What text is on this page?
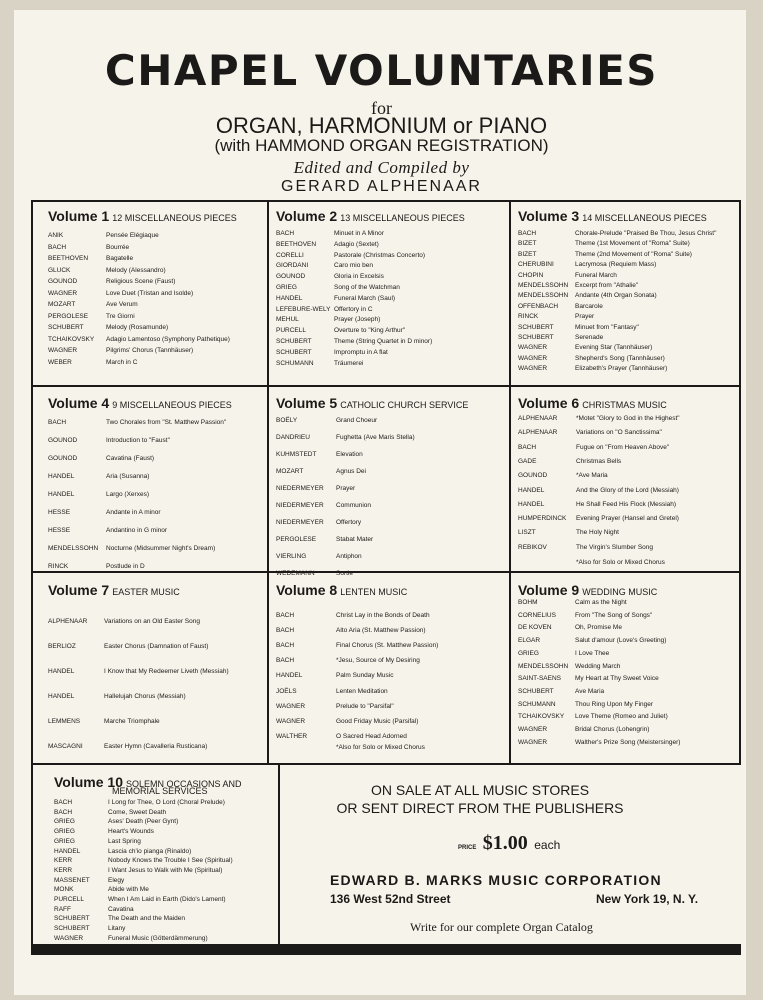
CHAPEL VOLUNTARIES
for
ORGAN, HARMONIUM or PIANO
(with HAMMOND ORGAN REGISTRATION)
Edited and Compiled by
GERARD ALPHENAAR
Volume 1 12 MISCELLANEOUS PIECES
ANIK	Pensée Elégiaque
BACH	Bourrée
BEETHOVEN	Bagatelle
GLUCK	Melody (Alessandro)
GOUNOD	Religious Scene (Faust)
WAGNER	Love Duet (Tristan and Isolde)
MOZART	Ave Verum
PERGOLESE	Tre Giorni
SCHUBERT	Melody (Rosamunde)
TCHAIKOVSKY Adagio Lamentoso (Symphony Pathetique)
WAGNER	Pilgrims' Chorus (Tannhäuser)
WEBER	March in C
Volume 2 13 MISCELLANEOUS PIECES
BACH	Minuet in A Minor
BEETHOVEN	Adagio (Sextet)
CORELLI	Pastorale (Christmas Concerto)
GIORDANI	Caro mio ben
GOUNOD	Gloria in Excelsis
GRIEG	Song of the Watchman
HANDEL	Funeral March (Saul)
LEFEBURE-WELY Offertory in C
MEHUL	Prayer (Joseph)
PURCELL	Overture to "King Arthur"
SCHUBERT	Theme (String Quartet in D minor)
SCHUBERT	Impromptu in A flat
SCHUMANN	Träumerei
Volume 3 14 MISCELLANEOUS PIECES
BACH	Chorale-Prelude "Praised Be Thou, Jesus Christ"
BIZET	Theme (1st Movement of "Roma" Suite)
BIZET	Theme (2nd Movement of "Roma" Suite)
CHERUBINI	Lacrymosa (Requiem Mass)
CHOPIN	Funeral March
MENDELSSOHN Excerpt from "Athalie"
MENDELSSOHN Andante (4th Organ Sonata)
OFFENBACH	Barcarole
RINCK	Prayer
SCHUBERT	Minuet from "Fantasy"
SCHUBERT	Serenade
WAGNER	Evening Star (Tannhäuser)
WAGNER	Shepherd's Song (Tannhäuser)
WAGNER	Elizabeth's Prayer (Tannhäuser)
Volume 4 9 MISCELLANEOUS PIECES
BACH	Two Chorales from "St. Matthew Passion"
GOUNOD	Introduction to "Faust"
GOUNOD	Cavatina (Faust)
HANDEL	Aria (Susanna)
HANDEL	Largo (Xerxes)
HESSE	Andante in A minor
HESSE	Andantino in G minor
MENDELSSOHN Nocturne (Midsummer Night's Dream)
RINCK	Postlude in D
Volume 5 CATHOLIC CHURCH SERVICE
BOËLY	Grand Choeur
DANDRIEU	Fughetta (Ave Maris Stella)
KUHMSTEDT	Elevation
MOZART	Agnus Dei
NIEDERMEYER Prayer
NIEDERMEYER Communion
NIEDERMEYER Offertory
PERGOLESE	Stabat Mater
VIERLING	Antiphon
WEDEMANN	Sortie
Volume 6 CHRISTMAS MUSIC
*Also for Solo or Mixed Chorus
ALPHENAAR	*Motet "Glory to God in the Highest"
ALPHENAAR	Variations on "O Sanctissima"
BACH	Fugue on "From Heaven Above"
GADE	Christmas Bells
GOUNOD	*Ave Maria
HANDEL	And the Glory of the Lord (Messiah)
HANDEL	He Shall Feed His Flock (Messiah)
HUMPERDINCK Evening Prayer (Hansel and Gretel)
LISZT	The Holy Night
REBIKOV	The Virgin's Slumber Song
Volume 7 EASTER MUSIC
ALPHENAAR	Variations on an Old Easter Song
BERLIOZ	Easter Chorus (Damnation of Faust)
HANDEL	I Know that My Redeemer Liveth (Messiah)
HANDEL	Hallelujah Chorus (Messiah)
LEMMENS	Marche Triomphale
MASCAGNI	Easter Hymn (Cavalleria Rusticana)
Volume 8 LENTEN MUSIC
*Also for Solo or Mixed Chorus
BACH	Christ Lay in the Bonds of Death
BACH	Alto Aria (St. Matthew Passion)
BACH	Final Chorus (St. Matthew Passion)
BACH	*Jesu, Source of My Desiring
HANDEL	Palm Sunday Music
JOËLS	Lenten Meditation
WAGNER	Prelude to "Parsifal"
WAGNER	Good Friday Music (Parsifal)
WALTHER	O Sacred Head Adorned
Volume 9 WEDDING MUSIC
BOHM	Calm as the Night
CORNELIUS	From "The Song of Songs"
DE KOVEN	Oh, Promise Me
ELGAR	Salut d'amour (Love's Greeting)
GRIEG	I Love Thee
MENDELSSOHN Wedding March
SAINT-SAENS My Heart at Thy Sweet Voice
SCHUBERT	Ave Maria
SCHUMANN	Thou Ring Upon My Finger
TCHAIKOVSKY Love Theme (Romeo and Juliet)
WAGNER	Bridal Chorus (Lohengrin)
WAGNER	Walther's Prize Song (Meistersinger)
Volume 10 SOLEMN OCCASIONS AND
MEMORIAL SERVICES
BACH	I Long for Thee, O Lord (Choral Prelude)
BACH	Come, Sweet Death
GRIEG	Ases' Death (Peer Gynt)
GRIEG	Heart's Wounds
GRIEG	Last Spring
HANDEL	Lascia ch'io pianga (Rinaldo)
KERR	Nobody Knows the Trouble I See (Spiritual)
KERR	I Want Jesus to Walk with Me (Spiritual)
MASSENET	Elegy
MONK	Abide with Me
PURCELL	When I Am Laid in Earth (Dido's Lament)
RAFF	Cavatina
SCHUBERT	The Death and the Maiden
SCHUBERT	Litany
WAGNER	Funeral Music (Götterdämmerung)
ON SALE AT ALL MUSIC STORES
OR SENT DIRECT FROM THE PUBLISHERS
PRICE $1.00 each
EDWARD B. MARKS MUSIC CORPORATION
136 West 52nd Street	New York 19, N. Y.
Write for our complete Organ Catalog
